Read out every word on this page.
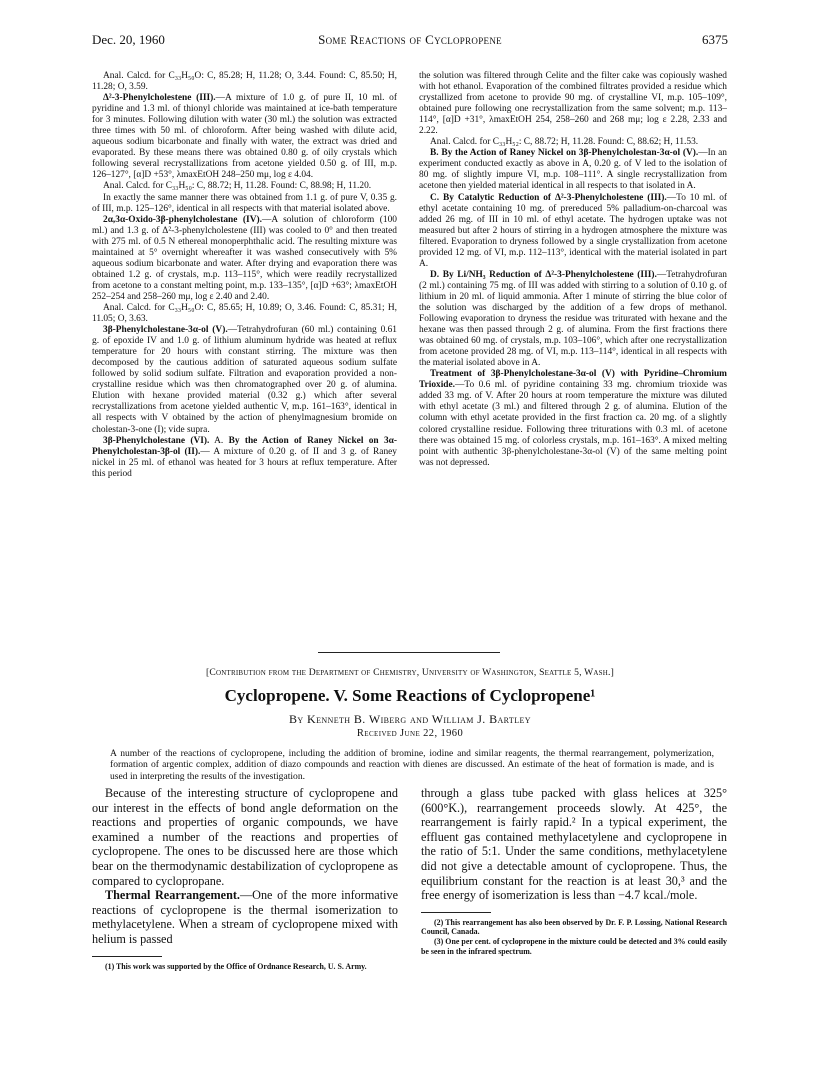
Dec. 20, 1960	Some Reactions of Cyclopropene	6375

Anal. Calcd. for C₃₃H₅₀O: C, 85.28; H, 11.28; O, 3.44. Found: C, 85.50; H, 11.28; O, 3.59.

Δ²-3-Phenylcholestene (III).—A mixture of 1.0 g. of pure II, 10 ml. of pyridine and 1.3 ml. of thionyl chloride was maintained at ice-bath temperature for 3 minutes. Following dilution with water (30 ml.) the solution was extracted three times with 50 ml. of chloroform. After being washed with dilute acid, aqueous sodium bicarbonate and finally with water, the extract was dried and evaporated. By these means there was obtained 0.80 g. of oily crystals which following several recrystallizations from acetone yielded 0.50 g. of III, m.p. 126–127°, [α]D +53°, λmaxEtOH 248–250 mμ, log ε 4.04.

Anal. Calcd. for C₃₃H₅₀: C, 88.72; H, 11.28. Found: C, 88.98; H, 11.20.

In exactly the same manner there was obtained from 1.1 g. of pure V, 0.35 g. of III, m.p. 125–126°, identical in all respects with that material isolated above.

2α,3α-Oxido-3β-phenylcholestane (IV).—A solution of chloroform (100 ml.) and 1.3 g. of Δ²-3-phenylcholestene (III) was cooled to 0° and then treated with 275 ml. of 0.5 N ethereal monoperphthalic acid. The resulting mixture was maintained at 5° overnight whereafter it was washed consecutively with 5% aqueous sodium bicarbonate and water. After drying and evaporation there was obtained 1.2 g. of crystals, m.p. 113–115°, which were readily recrystallized from acetone to a constant melting point, m.p. 133–135°, [α]D +63°; λmaxEtOH 252–254 and 258–260 mμ, log ε 2.40 and 2.40.

Anal. Calcd. for C₃₃H₅₀O: C, 85.65; H, 10.89; O, 3.46. Found: C, 85.31; H, 11.05; O, 3.63.

3β-Phenylcholestane-3α-ol (V).—Tetrahydrofuran (60 ml.) containing 0.61 g. of epoxide IV and 1.0 g. of lithium aluminum hydride was heated at reflux temperature for 20 hours with constant stirring. The mixture was then decomposed by the cautious addition of saturated aqueous sodium sulfate followed by solid sodium sulfate. Filtration and evaporation provided a non-crystalline residue which was then chromatographed over 20 g. of alumina. Elution with hexane provided material (0.32 g.) which after several recrystallizations from acetone yielded authentic V, m.p. 161–163°, identical in all respects with V obtained by the action of phenylmagnesium bromide on cholestan-3-one (I); vide supra.

3β-Phenylcholestane (VI). A. By the Action of Raney Nickel on 3α-Phenylcholestan-3β-ol (II).— A mixture of 0.20 g. of II and 3 g. of Raney nickel in 25 ml. of ethanol was heated for 3 hours at reflux temperature. After this period

the solution was filtered through Celite and the filter cake was copiously washed with hot ethanol. Evaporation of the combined filtrates provided a residue which crystallized from acetone to provide 90 mg. of crystalline VI, m.p. 105–109°, obtained pure following one recrystallization from the same solvent; m.p. 113–114°, [α]D +31°, λmaxEtOH 254, 258–260 and 268 mμ; log ε 2.28, 2.33 and 2.22.

Anal. Calcd. for C₃₃H₅₂: C, 88.72; H, 11.28. Found: C, 88.62; H, 11.53.

B. By the Action of Raney Nickel on 3β-Phenylcholestan-3α-ol (V).—In an experiment conducted exactly as above in A, 0.20 g. of V led to the isolation of 80 mg. of slightly impure VI, m.p. 108–111°. A single recrystallization from acetone then yielded material identical in all respects to that isolated in A.

C. By Catalytic Reduction of Δ²-3-Phenylcholestene (III).—To 10 ml. of ethyl acetate containing 10 mg. of prereduced 5% palladium-on-charcoal was added 26 mg. of III in 10 ml. of ethyl acetate. The hydrogen uptake was not measured but after 2 hours of stirring in a hydrogen atmosphere the mixture was filtered. Evaporation to dryness followed by a single crystallization from acetone provided 12 mg. of VI, m.p. 112–113°, identical with the material isolated in part A.

D. By Li/NH₃ Reduction of Δ²-3-Phenylcholestene (III).—Tetrahydrofuran (2 ml.) containing 75 mg. of III was added with stirring to a solution of 0.10 g. of lithium in 20 ml. of liquid ammonia. After 1 minute of stirring the blue color of the solution was discharged by the addition of a few drops of methanol. Following evaporation to dryness the residue was triturated with hexane and the hexane was then passed through 2 g. of alumina. From the first fractions there was obtained 60 mg. of crystals, m.p. 103–106°, which after one recrystallization from acetone provided 28 mg. of VI, m.p. 113–114°, identical in all respects with the material isolated above in A.

Treatment of 3β-Phenylcholestane-3α-ol (V) with Pyridine–Chromium Trioxide.—To 0.6 ml. of pyridine containing 33 mg. chromium trioxide was added 33 mg. of V. After 20 hours at room temperature the mixture was diluted with ethyl acetate (3 ml.) and filtered through 2 g. of alumina. Elution of the column with ethyl acetate provided in the first fraction ca. 20 mg. of a slightly colored crystalline residue. Following three triturations with 0.3 ml. of acetone there was obtained 15 mg. of colorless crystals, m.p. 161–163°. A mixed melting point with authentic 3β-phenylcholestane-3α-ol (V) of the same melting point was not depressed.

[Contribution from the Department of Chemistry, University of Washington, Seattle 5, Wash.]
Cyclopropene. V. Some Reactions of Cyclopropene¹
By Kenneth B. Wiberg and William J. Bartley
Received June 22, 1960
A number of the reactions of cyclopropene, including the addition of bromine, iodine and similar reagents, the thermal rearrangement, polymerization, formation of argentic complex, addition of diazo compounds and reaction with dienes are discussed. An estimate of the heat of formation is made, and is used in interpreting the results of the investigation.

Because of the interesting structure of cyclopropene and our interest in the effects of bond angle deformation on the reactions and properties of organic compounds, we have examined a number of the reactions and properties of cyclopropene. The ones to be discussed here are those which bear on the thermodynamic destabilization of cyclopropene as compared to cyclopropane.

Thermal Rearrangement.—One of the more informative reactions of cyclopropene is the thermal isomerization to methylacetylene. When a stream of cyclopropene mixed with helium is passed

(1) This work was supported by the Office of Ordnance Research, U. S. Army.

through a glass tube packed with glass helices at 325° (600°K.), rearrangement proceeds slowly. At 425°, the rearrangement is fairly rapid.² In a typical experiment, the effluent gas contained methylacetylene and cyclopropene in the ratio of 5:1. Under the same conditions, methylacetylene did not give a detectable amount of cyclopropene. Thus, the equilibrium constant for the reaction is at least 30,³ and the free energy of isomerization is less than −4.7 kcal./mole.

(2) This rearrangement has also been observed by Dr. F. P. Lossing, National Research Council, Canada.

(3) One per cent. of cyclopropene in the mixture could be detected and 3% could easily be seen in the infrared spectrum.
